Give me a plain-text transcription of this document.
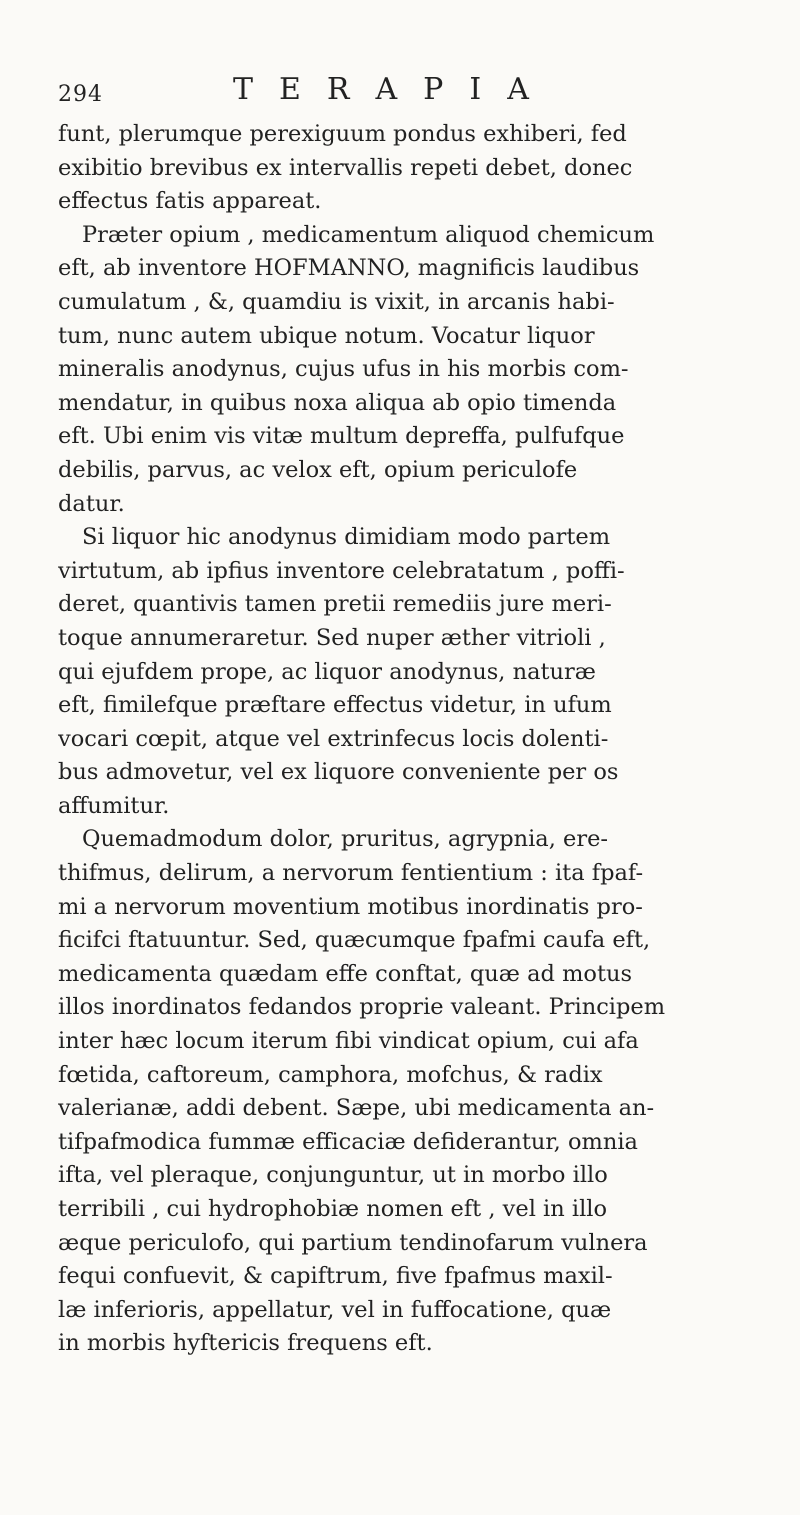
294	TERAPIA
funt, plerumque perexiguum pondus exhiberi, fed
exibitio brevibus ex intervallis repeti debet, donec
effectus fatis appareat.
Præter opium , medicamentum aliquod chemicum
eft, ab inventore HOFMANNO, magnificis laudibus
cumulatum , &, quamdiu is vixit, in arcanis habi-
tum, nunc autem ubique notum. Vocatur liquor
mineralis anodynus, cujus ufus in his morbis com-
mendatur, in quibus noxa aliqua ab opio timenda
eft. Ubi enim vis vitæ multum depreffa, pulfufque
debilis, parvus, ac velox eft, opium periculofe
datur.
Si liquor hic anodynus dimidiam modo partem
virtutum, ab ipfius inventore celebratatum , poffi-
deret, quantivis tamen pretii remediis jure meri-
toque annumeraretur. Sed nuper æther vitrioli ,
qui ejufdem prope, ac liquor anodynus, naturæ
eft, fimilefque præftare effectus videtur, in ufum
vocari cœpit, atque vel extrinfecus locis dolenti-
bus admovetur, vel ex liquore conveniente per os
affumitur.
Quemadmodum dolor, pruritus, agrypnia, ere-
thifmus, delirum, a nervorum fentientium : ita fpaf-
mi a nervorum moventium motibus inordinatis pro-
ficifci ftatuuntur. Sed, quæcumque fpafmi caufa eft,
medicamenta quædam effe conftat, quæ ad motus
illos inordinatos fedandos proprie valeant. Principem
inter hæc locum iterum fibi vindicat opium, cui afa
fœtida, caftoreum, camphora, mofchus, & radix
valerianæ, addi debent. Sæpe, ubi medicamenta an-
tifpafmodica fummæ efficaciæ defiderantur, omnia
ifta, vel pleraque, conjunguntur, ut in morbo illo
terribili , cui hydrophobiæ nomen eft , vel in illo
æque periculofo, qui partium tendinofarum vulnera
fequi confuevit, & capiftrum, five fpafmus maxil-
læ inferioris, appellatur, vel in fuffocatione, quæ
in morbis hyftericis frequens eft.
